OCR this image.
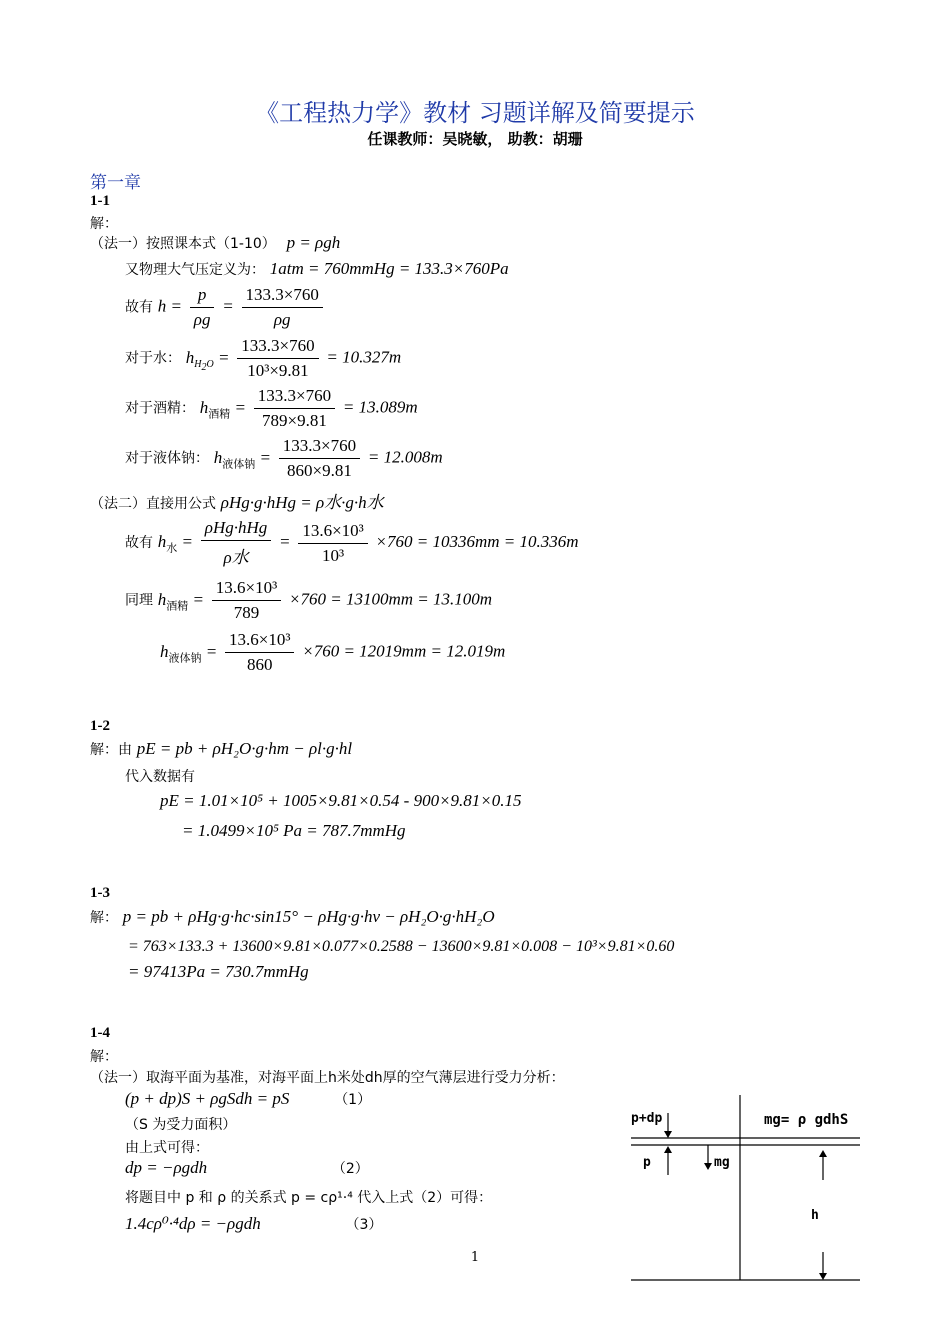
《工程热力学》教材 习题详解及简要提示
任课教师：吴晓敏， 助教：胡珊
第一章
1-1
解：
（法一）按照课本式（1-10） p = ρgh
又物理大气压定义为： 1atm = 760mmHg = 133.3×760Pa
故有 $h = \frac{p}{\rho g} = \frac{133.3\times 760}{\rho g}$
对于水： $h_{H_2O} = \frac{133.3\times 760}{\text{10³×9.81}} = 10.327m$
对于酒精： $h_{酒精} = \frac{133.3\times 760}{789\times 9.81} = 13.089m$
对于液体钠： $h_{液体钠} = \frac{133.3\times 760}{860\times 9.81} = 12.008m$
（法二）直接用公式 ρHg·g·hHg = ρ水·g·h水
故有 $h_水 = \frac{\text{ρHg·hHg}}{\text{ρ水}} = \frac{\text{13.6×10³}}{\text{10³}} \times 760 = 10336mm = 10.336m$
同理 $h_{酒精} = \frac{\text{13.6×10³}}{789} \times 760 = 13100mm = 13.100m$
$h_{液体钠} = \frac{\text{13.6×10³}}{860} \times 760 = 12019mm = 12.019m$
1-2
解：由 pE = pb + ρH₂O·g·hm − ρl·g·hl
代入数据有
pE = 1.01×10⁵ + 1005×9.81×0.54 - 900×9.81×0.15
= 1.0499×10⁵ Pa = 787.7mmHg
1-3
解： p = pb + ρHg·g·hc·sin15° − ρHg·g·hv − ρH₂O·g·hH₂O
= 763×133.3 + 13600×9.81×0.077×0.2588 − 13600×9.81×0.008 − 10³×9.81×0.60
= 97413Pa = 730.7mmHg
1-4
解：
（法一）取海平面为基准，对海平面上h米处dh厚的空气薄层进行受力分析：
(p + dp)S + ρgSdh = pS	（1）
（S 为受力面积）
由上式可得：
dp = −ρgdh	（2）
将题目中 p 和 ρ 的关系式 p = cρ¹·⁴ 代入上式（2）可得：
1.4cρ⁰·⁴dρ = −ρgdh	（3）
p+dp	mg= ρ gdhS
p	mg
h
1
